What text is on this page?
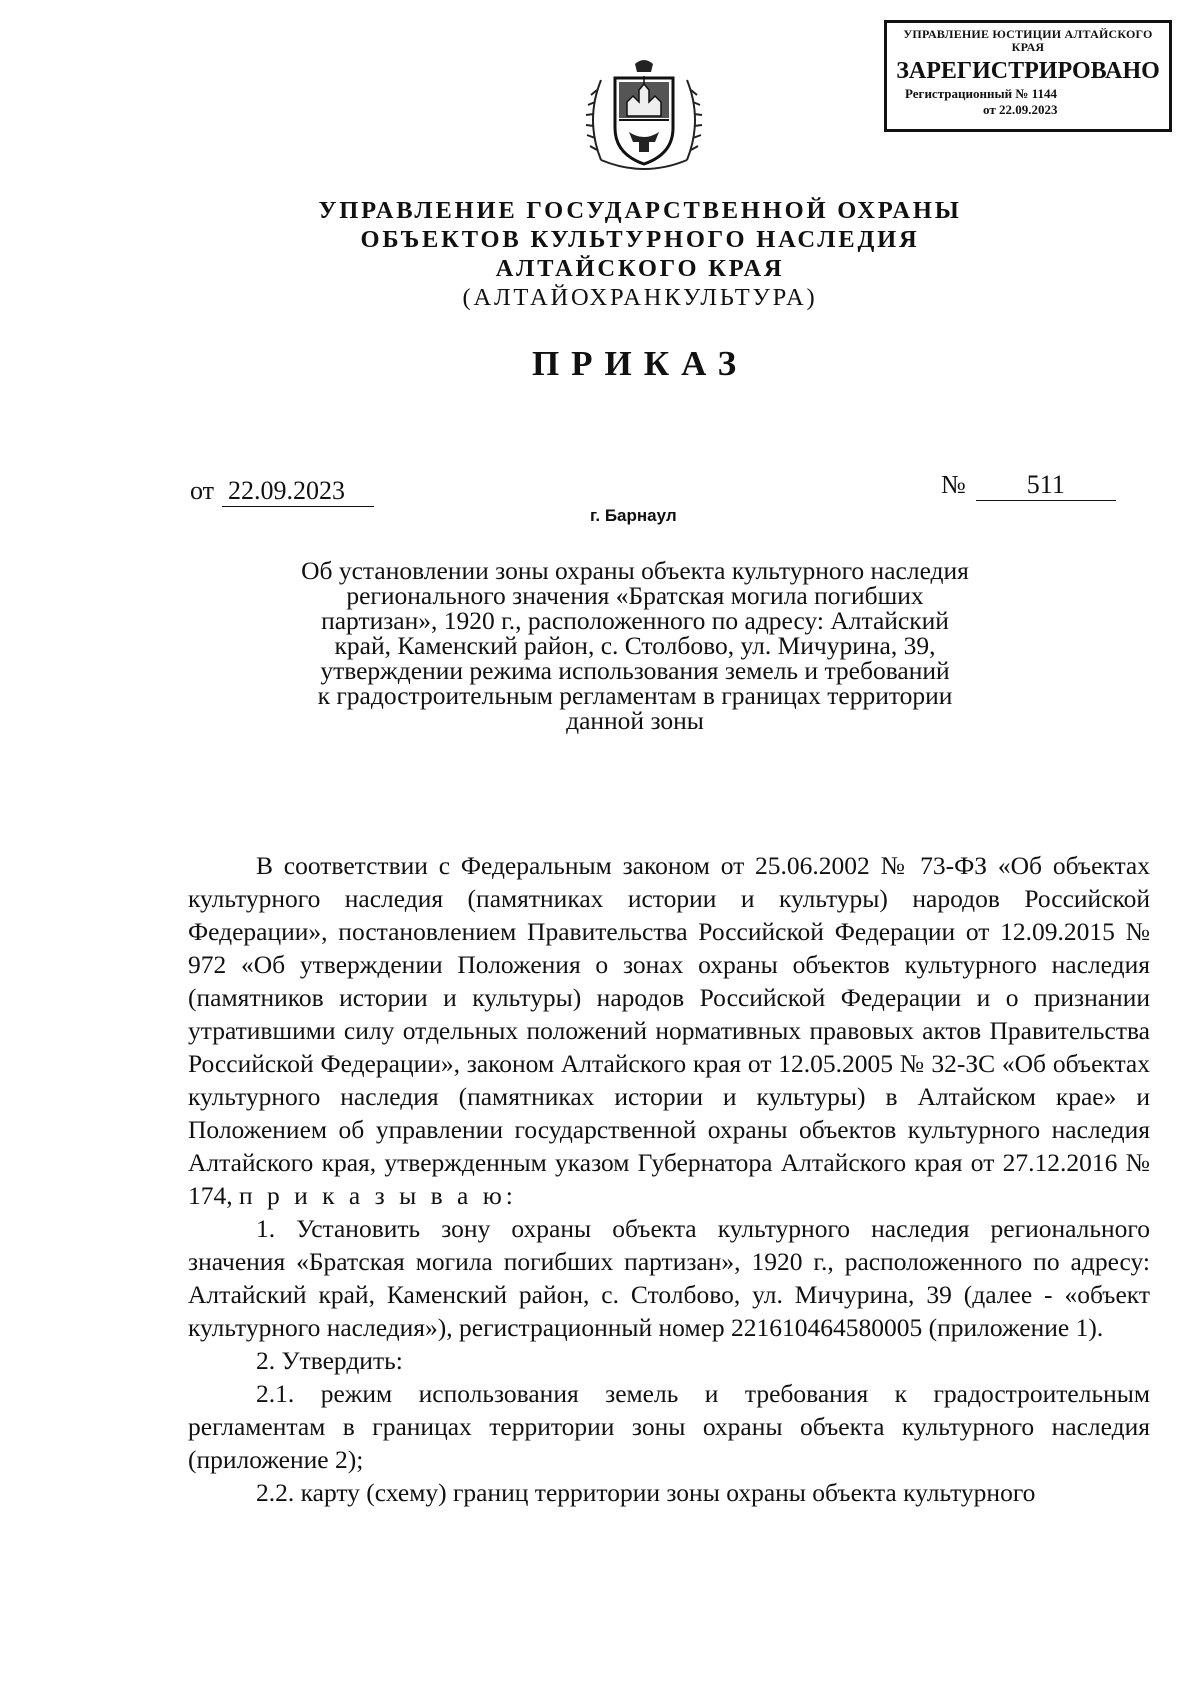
УПРАВЛЕНИЕ ЮСТИЦИИ АЛТАЙСКОГО КРАЯ
ЗАРЕГИСТРИРОВАНО
Регистрационный № 1144
от 22.09.2023
УПРАВЛЕНИЕ ГОСУДАРСТВЕННОЙ ОХРАНЫ
ОБЪЕКТОВ КУЛЬТУРНОГО НАСЛЕДИЯ
АЛТАЙСКОГО КРАЯ
(АЛТАЙОХРАНКУЛЬТУРА)
ПРИКАЗ
от 22.09.2023	№ 511
г. Барнаул
Об установлении зоны охраны объекта культурного наследия
регионального значения «Братская могила погибших
партизан», 1920 г., расположенного по адресу: Алтайский
край, Каменский район, с. Столбово, ул. Мичурина, 39,
утверждении режима использования земель и требований
к градостроительным регламентам в границах территории
данной зоны

В соответствии с Федеральным законом от 25.06.2002 № 73-ФЗ «Об объектах культурного наследия (памятниках истории и культуры) народов Российской Федерации», постановлением Правительства Российской Федерации от 12.09.2015 № 972 «Об утверждении Положения о зонах охраны объектов культурного наследия (памятников истории и культуры) народов Российской Федерации и о признании утратившими силу отдельных положений нормативных правовых актов Правительства Российской Федерации», законом Алтайского края от 12.05.2005 № 32-ЗС «Об объектах культурного наследия (памятниках истории и культуры) в Алтайском крае» и Положением об управлении государственной охраны объектов культурного наследия Алтайского края, утвержденным указом Губернатора Алтайского края от 27.12.2016 № 174, п р и к а з ы в а ю:

1. Установить зону охраны объекта культурного наследия регионального значения «Братская могила погибших партизан», 1920 г., расположенного по адресу: Алтайский край, Каменский район, с. Столбово, ул. Мичурина, 39 (далее - «объект культурного наследия»), регистрационный номер 221610464580005 (приложение 1).

2. Утвердить:

2.1. режим использования земель и требования к градостроительным регламентам в границах территории зоны охраны объекта культурного наследия (приложение 2);

2.2. карту (схему) границ территории зоны охраны объекта культурного
